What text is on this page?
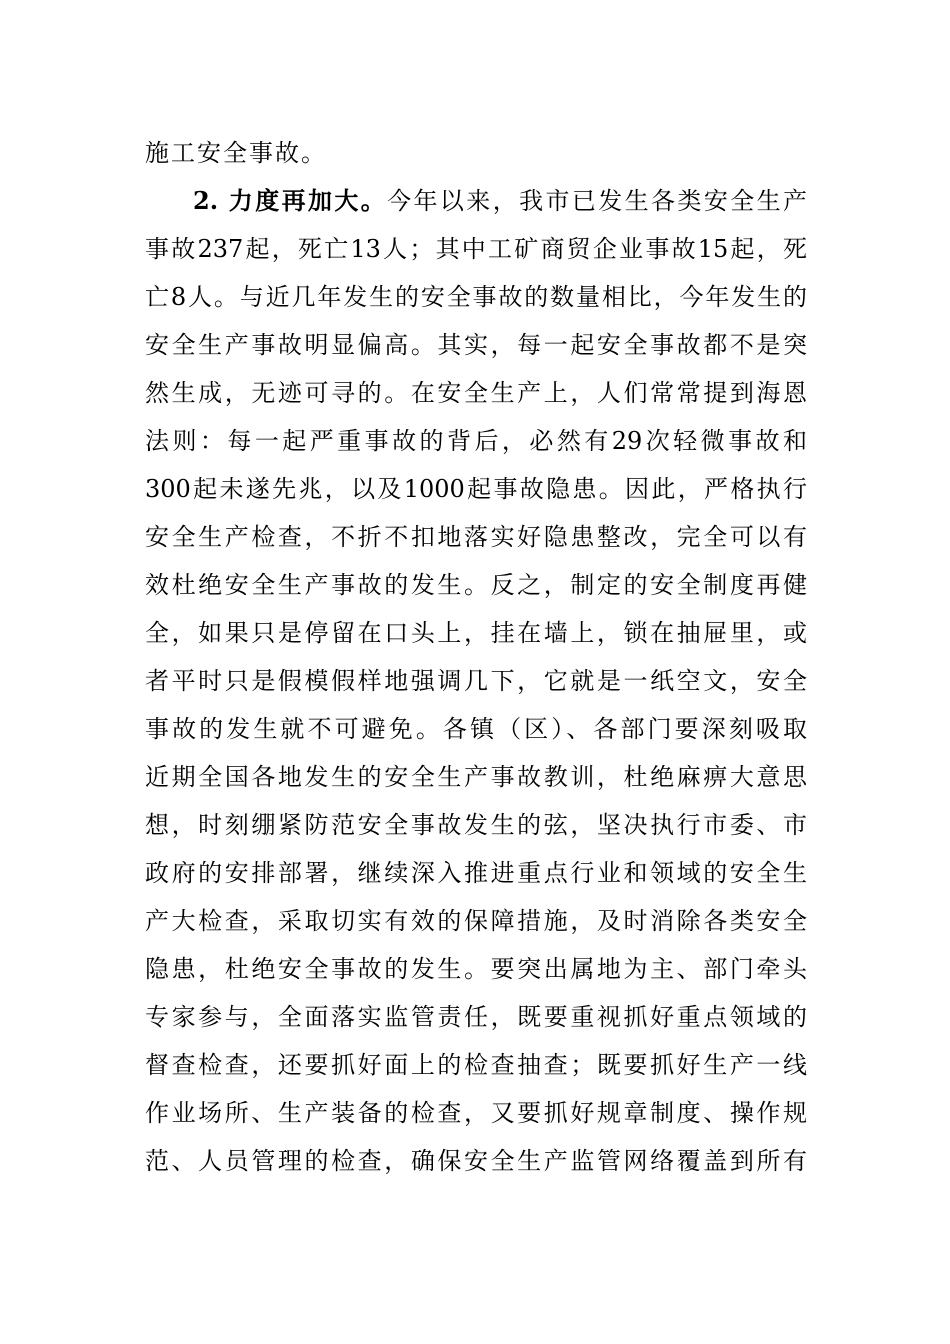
施工安全事故。
2. 力度再加大。今年以来，我市已发生各类安全生产
事故237起，死亡13人；其中工矿商贸企业事故15起，死
亡8人。与近几年发生的安全事故的数量相比，今年发生的
安全生产事故明显偏高。其实，每一起安全事故都不是突
然生成，无迹可寻的。在安全生产上，人们常常提到海恩
法则：每一起严重事故的背后，必然有29次轻微事故和
300起未遂先兆，以及1000起事故隐患。因此，严格执行
安全生产检查，不折不扣地落实好隐患整改，完全可以有
效杜绝安全生产事故的发生。反之，制定的安全制度再健
全，如果只是停留在口头上，挂在墙上，锁在抽屉里，或
者平时只是假模假样地强调几下，它就是一纸空文，安全
事故的发生就不可避免。各镇（区）、各部门要深刻吸取
近期全国各地发生的安全生产事故教训，杜绝麻痹大意思
想，时刻绷紧防范安全事故发生的弦，坚决执行市委、市
政府的安排部署，继续深入推进重点行业和领域的安全生
产大检查，采取切实有效的保障措施，及时消除各类安全
隐患，杜绝安全事故的发生。要突出属地为主、部门牵头
专家参与，全面落实监管责任，既要重视抓好重点领域的
督查检查，还要抓好面上的检查抽查；既要抓好生产一线
作业场所、生产装备的检查，又要抓好规章制度、操作规
范、人员管理的检查，确保安全生产监管网络覆盖到所有
